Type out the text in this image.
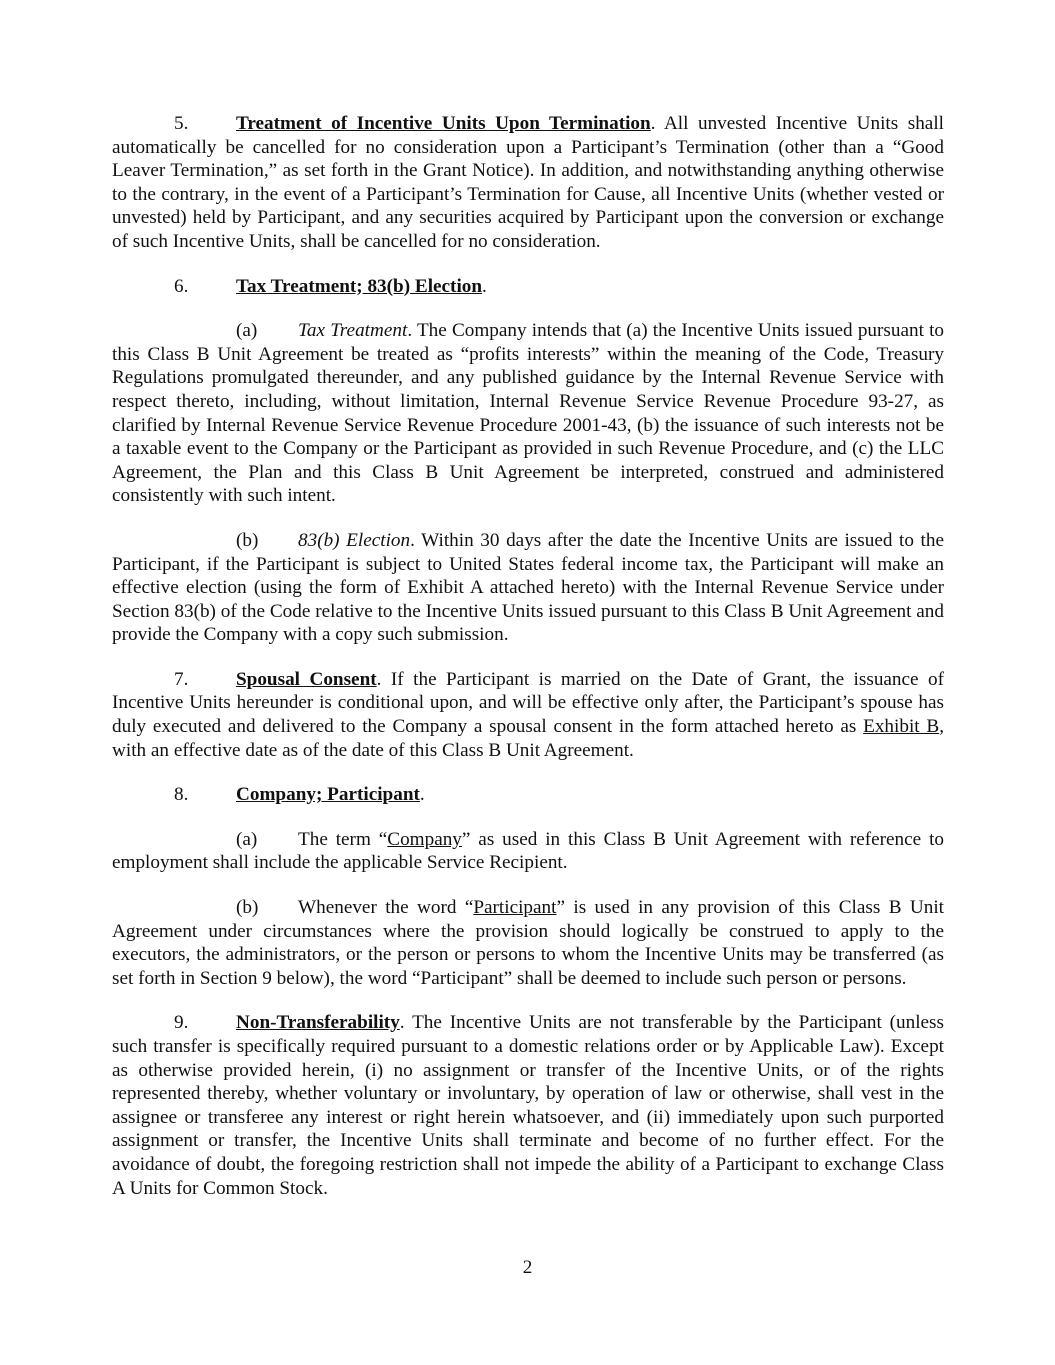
5. Treatment of Incentive Units Upon Termination. All unvested Incentive Units shall automatically be cancelled for no consideration upon a Participant’s Termination (other than a “Good Leaver Termination,” as set forth in the Grant Notice). In addition, and notwithstanding anything otherwise to the contrary, in the event of a Participant’s Termination for Cause, all Incentive Units (whether vested or unvested) held by Participant, and any securities acquired by Participant upon the conversion or exchange of such Incentive Units, shall be cancelled for no consideration.

6. Tax Treatment; 83(b) Election.

(a) Tax Treatment. The Company intends that (a) the Incentive Units issued pursuant to this Class B Unit Agreement be treated as “profits interests” within the meaning of the Code, Treasury Regulations promulgated thereunder, and any published guidance by the Internal Revenue Service with respect thereto, including, without limitation, Internal Revenue Service Revenue Procedure 93-27, as clarified by Internal Revenue Service Revenue Procedure 2001-43, (b) the issuance of such interests not be a taxable event to the Company or the Participant as provided in such Revenue Procedure, and (c) the LLC Agreement, the Plan and this Class B Unit Agreement be interpreted, construed and administered consistently with such intent.

(b) 83(b) Election. Within 30 days after the date the Incentive Units are issued to the Participant, if the Participant is subject to United States federal income tax, the Participant will make an effective election (using the form of Exhibit A attached hereto) with the Internal Revenue Service under Section 83(b) of the Code relative to the Incentive Units issued pursuant to this Class B Unit Agreement and provide the Company with a copy such submission.

7. Spousal Consent. If the Participant is married on the Date of Grant, the issuance of Incentive Units hereunder is conditional upon, and will be effective only after, the Participant’s spouse has duly executed and delivered to the Company a spousal consent in the form attached hereto as Exhibit B, with an effective date as of the date of this Class B Unit Agreement.

8. Company; Participant.

(a) The term “Company” as used in this Class B Unit Agreement with reference to employment shall include the applicable Service Recipient.

(b) Whenever the word “Participant” is used in any provision of this Class B Unit Agreement under circumstances where the provision should logically be construed to apply to the executors, the administrators, or the person or persons to whom the Incentive Units may be transferred (as set forth in Section 9 below), the word “Participant” shall be deemed to include such person or persons.

9. Non-Transferability. The Incentive Units are not transferable by the Participant (unless such transfer is specifically required pursuant to a domestic relations order or by Applicable Law). Except as otherwise provided herein, (i) no assignment or transfer of the Incentive Units, or of the rights represented thereby, whether voluntary or involuntary, by operation of law or otherwise, shall vest in the assignee or transferee any interest or right herein whatsoever, and (ii) immediately upon such purported assignment or transfer, the Incentive Units shall terminate and become of no further effect. For the avoidance of doubt, the foregoing restriction shall not impede the ability of a Participant to exchange Class A Units for Common Stock.

2
